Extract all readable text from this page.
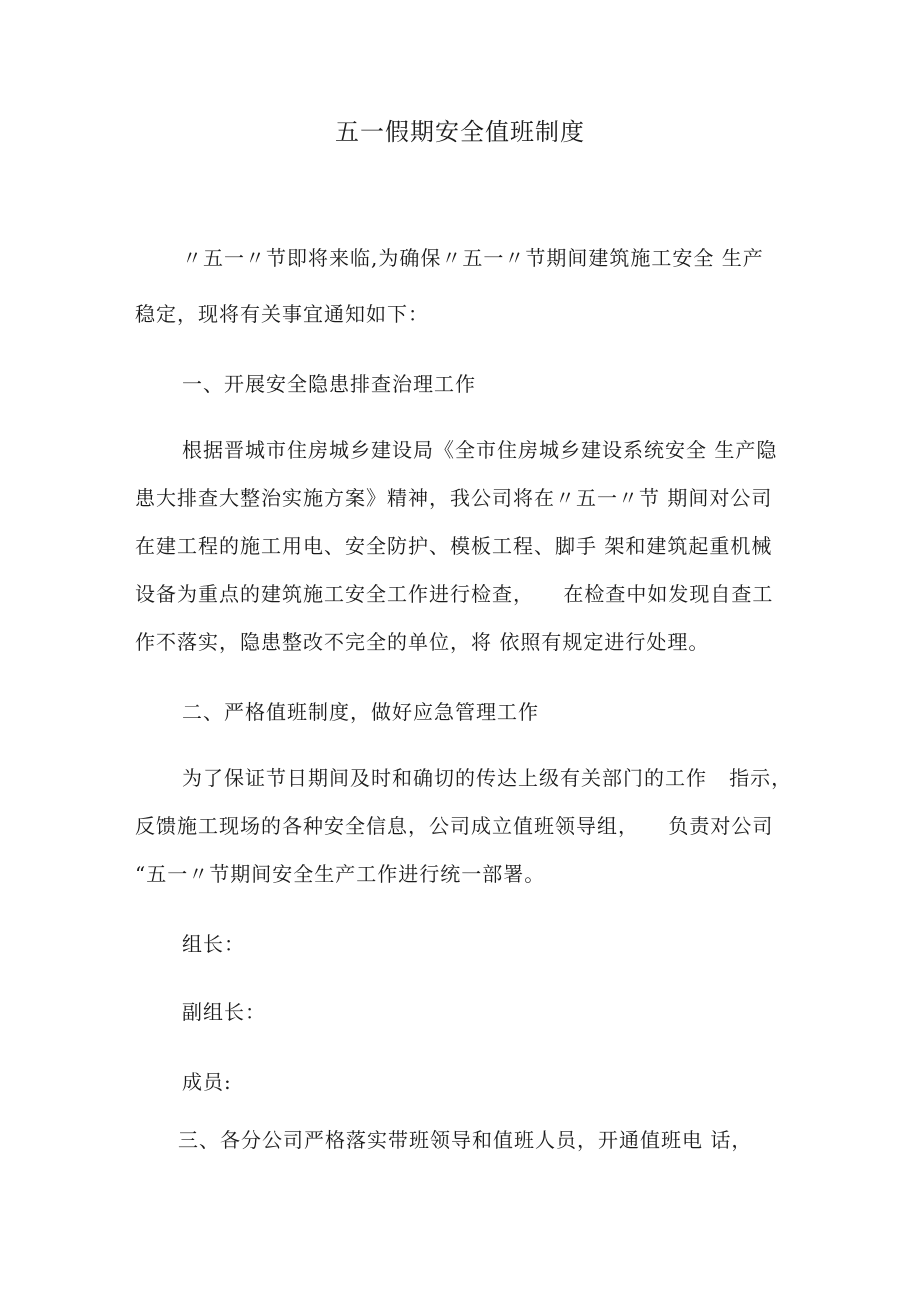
五一假期安全值班制度
〃五一〃节即将来临,为确保〃五一〃节期间建筑施工安全 生产
稳定，现将有关事宜通知如下：
一、开展安全隐患排查治理工作
根据晋城市住房城乡建设局《全市住房城乡建设系统安全 生产隐
患大排查大整治实施方案》精神，我公司将在〃五一〃节 期间对公司
在建工程的施工用电、安全防护、模板工程、脚手 架和建筑起重机械
设备为重点的建筑施工安全工作进行检查，    在检查中如发现自查工
作不落实，隐患整改不完全的单位，将 依照有规定进行处理。
二、严格值班制度，做好应急管理工作
为了保证节日期间及时和确切的传达上级有关部门的工作   指示，
反馈施工现场的各种安全信息，公司成立值班领导组，    负责对公司
“五一〃节期间安全生产工作进行统一部署。
组长：
副组长：
成员:
三、各分公司严格落实带班领导和值班人员，开通值班电 话，
